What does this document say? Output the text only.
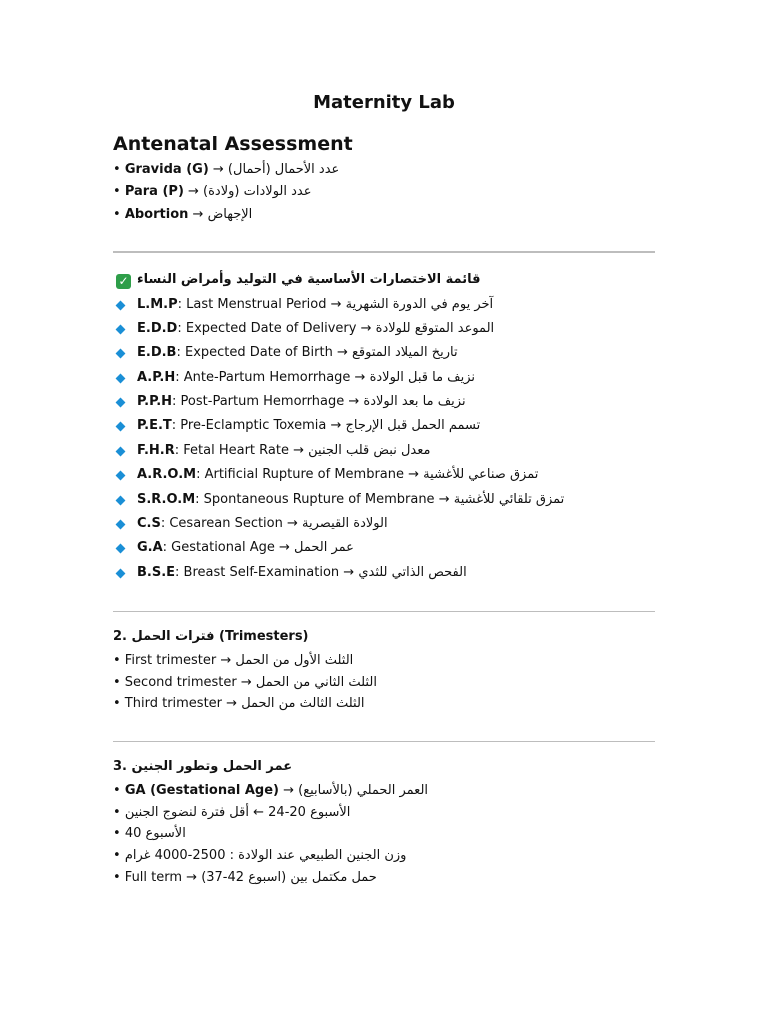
Maternity Lab
Antenatal Assessment
• Gravida (G) → (أحمال) عدد الأحمال
• Para (P) → (ولادة) عدد الولادات
• Abortion → الإجهاض
✓ قائمة الاختصارات الأساسية في التوليد وأمراض النساء
L.M.P: Last Menstrual Period → آخر يوم في الدورة الشهرية
E.D.D: Expected Date of Delivery → الموعد المتوقع للولادة
E.D.B: Expected Date of Birth → تاريخ الميلاد المتوقع
A.P.H: Ante-Partum Hemorrhage → نزيف ما قبل الولادة
P.P.H: Post-Partum Hemorrhage → نزيف ما بعد الولادة
P.E.T: Pre-Eclamptic Toxemia → تسمم الحمل قبل الإرجاج
F.H.R: Fetal Heart Rate → معدل نبض قلب الجنين
A.R.O.M: Artificial Rupture of Membrane → تمزق صناعي للأغشية
S.R.O.M: Spontaneous Rupture of Membrane → تمزق تلقائي للأغشية
C.S: Cesarean Section → الولادة القيصرية
G.A: Gestational Age → عمر الحمل
B.S.E: Breast Self-Examination → الفحص الذاتي للثدي
2. فترات الحمل (Trimesters)
• First trimester → الثلث الأول من الحمل
• Second trimester → الثلث الثاني من الحمل
• Third trimester → الثلث الثالث من الحمل
3. عمر الحمل وتطور الجنين
• GA (Gestational Age) → (بالأسابيع) العمر الحملي
• الأسبوع 20-24 ← أقل فترة لنضوج الجنين
• الأسبوع 40
• وزن الجنين الطبيعي عند الولادة : 2500-4000 غرام
• Full term → (37-42 اسبوع) حمل مكتمل بين
